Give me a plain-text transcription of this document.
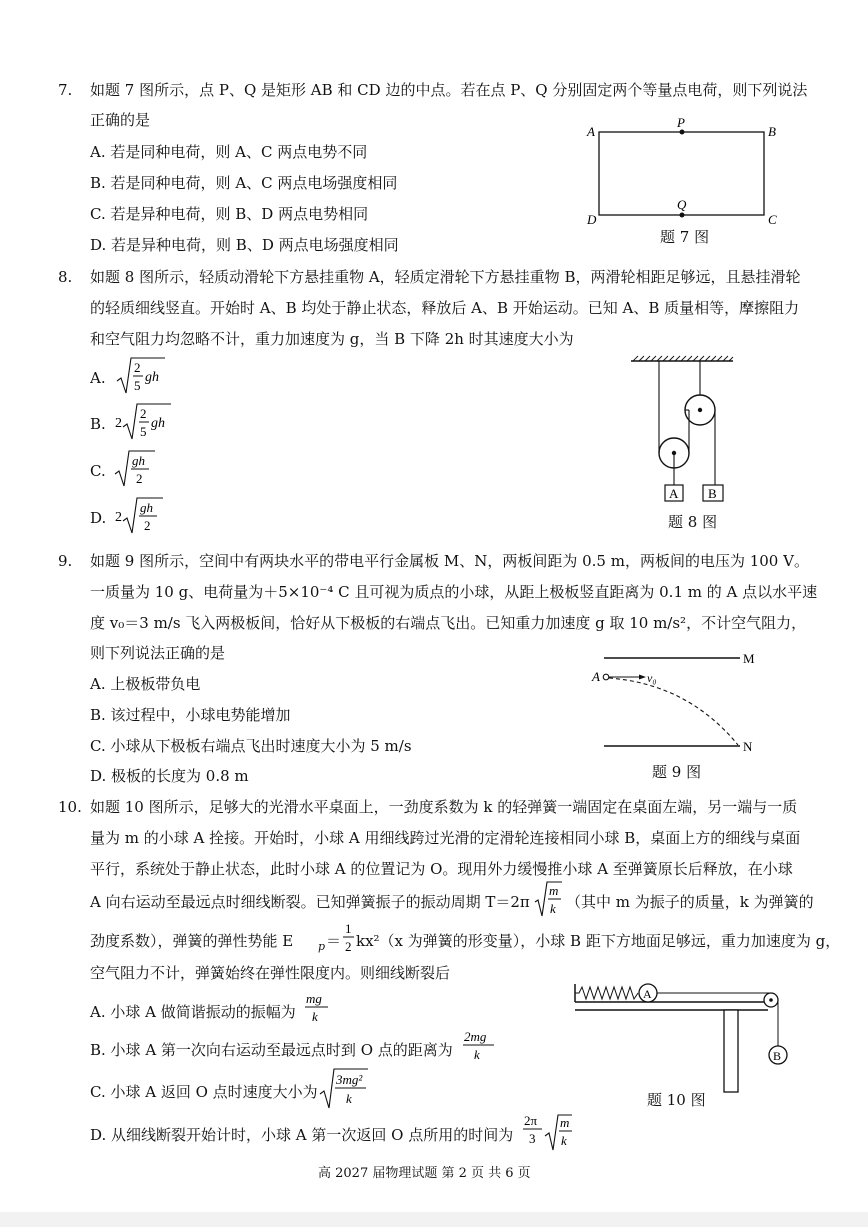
7. 如题 7 图所示，点 P、Q 是矩形 AB 和 CD 边的中点。若在点 P、Q 分别固定两个等量点电荷，则下列说法
正确的是
A. 若是同种电荷，则 A、C 两点电势不同
B. 若是同种电荷，则 A、C 两点电场强度相同
C. 若是异种电荷，则 B、D 两点电势相同
D. 若是异种电荷，则 B、D 两点电场强度相同
A
P
B
D
Q
C
题 7 图
8. 如题 8 图所示，轻质动滑轮下方悬挂重物 A，轻质定滑轮下方悬挂重物 B，两滑轮相距足够远，且悬挂滑轮
的轻质细线竖直。开始时 A、B 均处于静止状态，释放后 A、B 开始运动。已知 A、B 质量相等，摩擦阻力
和空气阻力均忽略不计，重力加速度为 g，当 B 下降 2h 时其速度大小为
A.
2
5
gh
B. 2
2
5
gh
C.
gh
2
D. 2
gh
2
A B
题 8 图
9. 如题 9 图所示，空间中有两块水平的带电平行金属板 M、N，两板间距为 0.5 m，两板间的电压为 100 V。
一质量为 10 g、电荷量为＋5×10⁻⁴ C 且可视为质点的小球，从距上极板竖直距离为 0.1 m 的 A 点以水平速
度 v₀＝3 m/s 飞入两极板间，恰好从下极板的右端点飞出。已知重力加速度 g 取 10 m/s²，不计空气阻力，
则下列说法正确的是
A. 上极板带负电
B. 该过程中，小球电势能增加
C. 小球从下极板右端点飞出时速度大小为 5 m/s
D. 极板的长度为 0.8 m
M
N
A	v₀
题 9 图
10. 如题 10 图所示，足够大的光滑水平桌面上，一劲度系数为 k 的轻弹簧一端固定在桌面左端，另一端与一质
量为 m 的小球 A 拴接。开始时，小球 A 用细线跨过光滑的定滑轮连接相同小球 B，桌面上方的细线与桌面
平行，系统处于静止状态，此时小球 A 的位置记为 O。现用外力缓慢推小球 A 至弹簧原长后释放，在小球
A 向右运动至最远点时细线断裂。已知弹簧振子的振动周期 T＝2π
m
k （其中 m 为振子的质量，k 为弹簧的
劲度系数），弹簧的弹性势能 E p ＝
1
2 kx²（x 为弹簧的形变量），小球 B 距下方地面足够远，重力加速度为 g，
空气阻力不计，弹簧始终在弹性限度内。则细线断裂后
A. 小球 A 做简谐振动的振幅为
mg
k
B. 小球 A 第一次向右运动至最远点时到 O 点的距离为
2mg
k
C. 小球 A 返回 O 点时速度大小为
3mg²
k
D. 从细线断裂开始计时，小球 A 第一次返回 O 点所用的时间为
2π
3
m
k
A
B
题 10 图
高 2027 届物理试题 第 2 页 共 6 页
